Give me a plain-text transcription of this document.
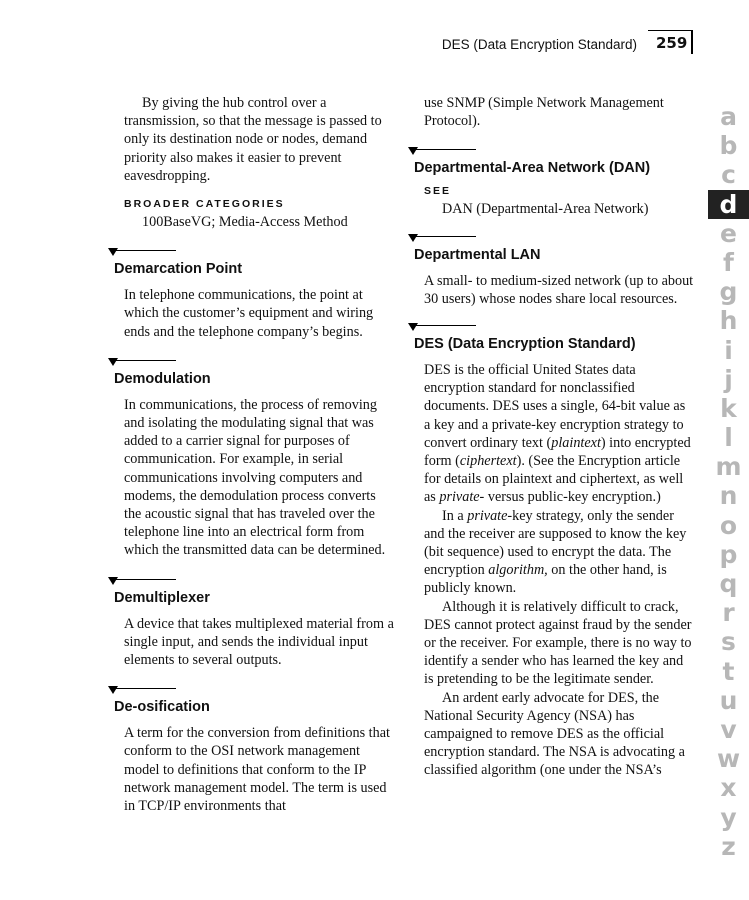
DES (Data Encryption Standard) 259

By giving the hub control over a transmission, so that the message is passed to only its destination node or nodes, demand priority also makes it easier to prevent eavesdropping.

BROADER CATEGORIES

100BaseVG; Media-Access Method

Demarcation Point

In telephone communications, the point at which the customer’s equipment and wiring ends and the telephone company’s begins.

Demodulation

In communications, the process of removing and isolating the modulating signal that was added to a carrier signal for purposes of communication. For example, in serial communications involving computers and modems, the demodulation process converts the acoustic signal that has traveled over the telephone line into an electrical form from which the transmitted data can be determined.

Demultiplexer

A device that takes multiplexed material from a single input, and sends the individual input elements to several outputs.

De-osification

A term for the conversion from definitions that conform to the OSI network management model to definitions that conform to the IP network management model. The term is used in TCP/IP environments that

use SNMP (Simple Network Management Protocol).

Departmental-Area Network (DAN)
SEE

DAN (Departmental-Area Network)

Departmental LAN

A small- to medium-sized network (up to about 30 users) whose nodes share local resources.

DES (Data Encryption Standard)

DES is the official United States data encryption standard for nonclassified documents. DES uses a single, 64-bit value as a key and a private-key encryption strategy to convert ordinary text (plaintext) into encrypted form (ciphertext). (See the Encryption article for details on plaintext and ciphertext, as well as private- versus public-key encryption.)

In a private-key strategy, only the sender and the receiver are supposed to know the key (bit sequence) used to encrypt the data. The encryption algorithm, on the other hand, is publicly known.

Although it is relatively difficult to crack, DES cannot protect against fraud by the sender or the receiver. For example, there is no way to identify a sender who has learned the key and is pretending to be the legitimate sender.

An ardent early advocate for DES, the National Security Agency (NSA) has campaigned to remove DES as the official encryption standard. The NSA is advocating a classified algorithm (one under the NSA’s

a
b
c
d
e
f
g
h
i
j
k
l
m
n
o
p
q
r
s
t
u
v
w
x
y
z
